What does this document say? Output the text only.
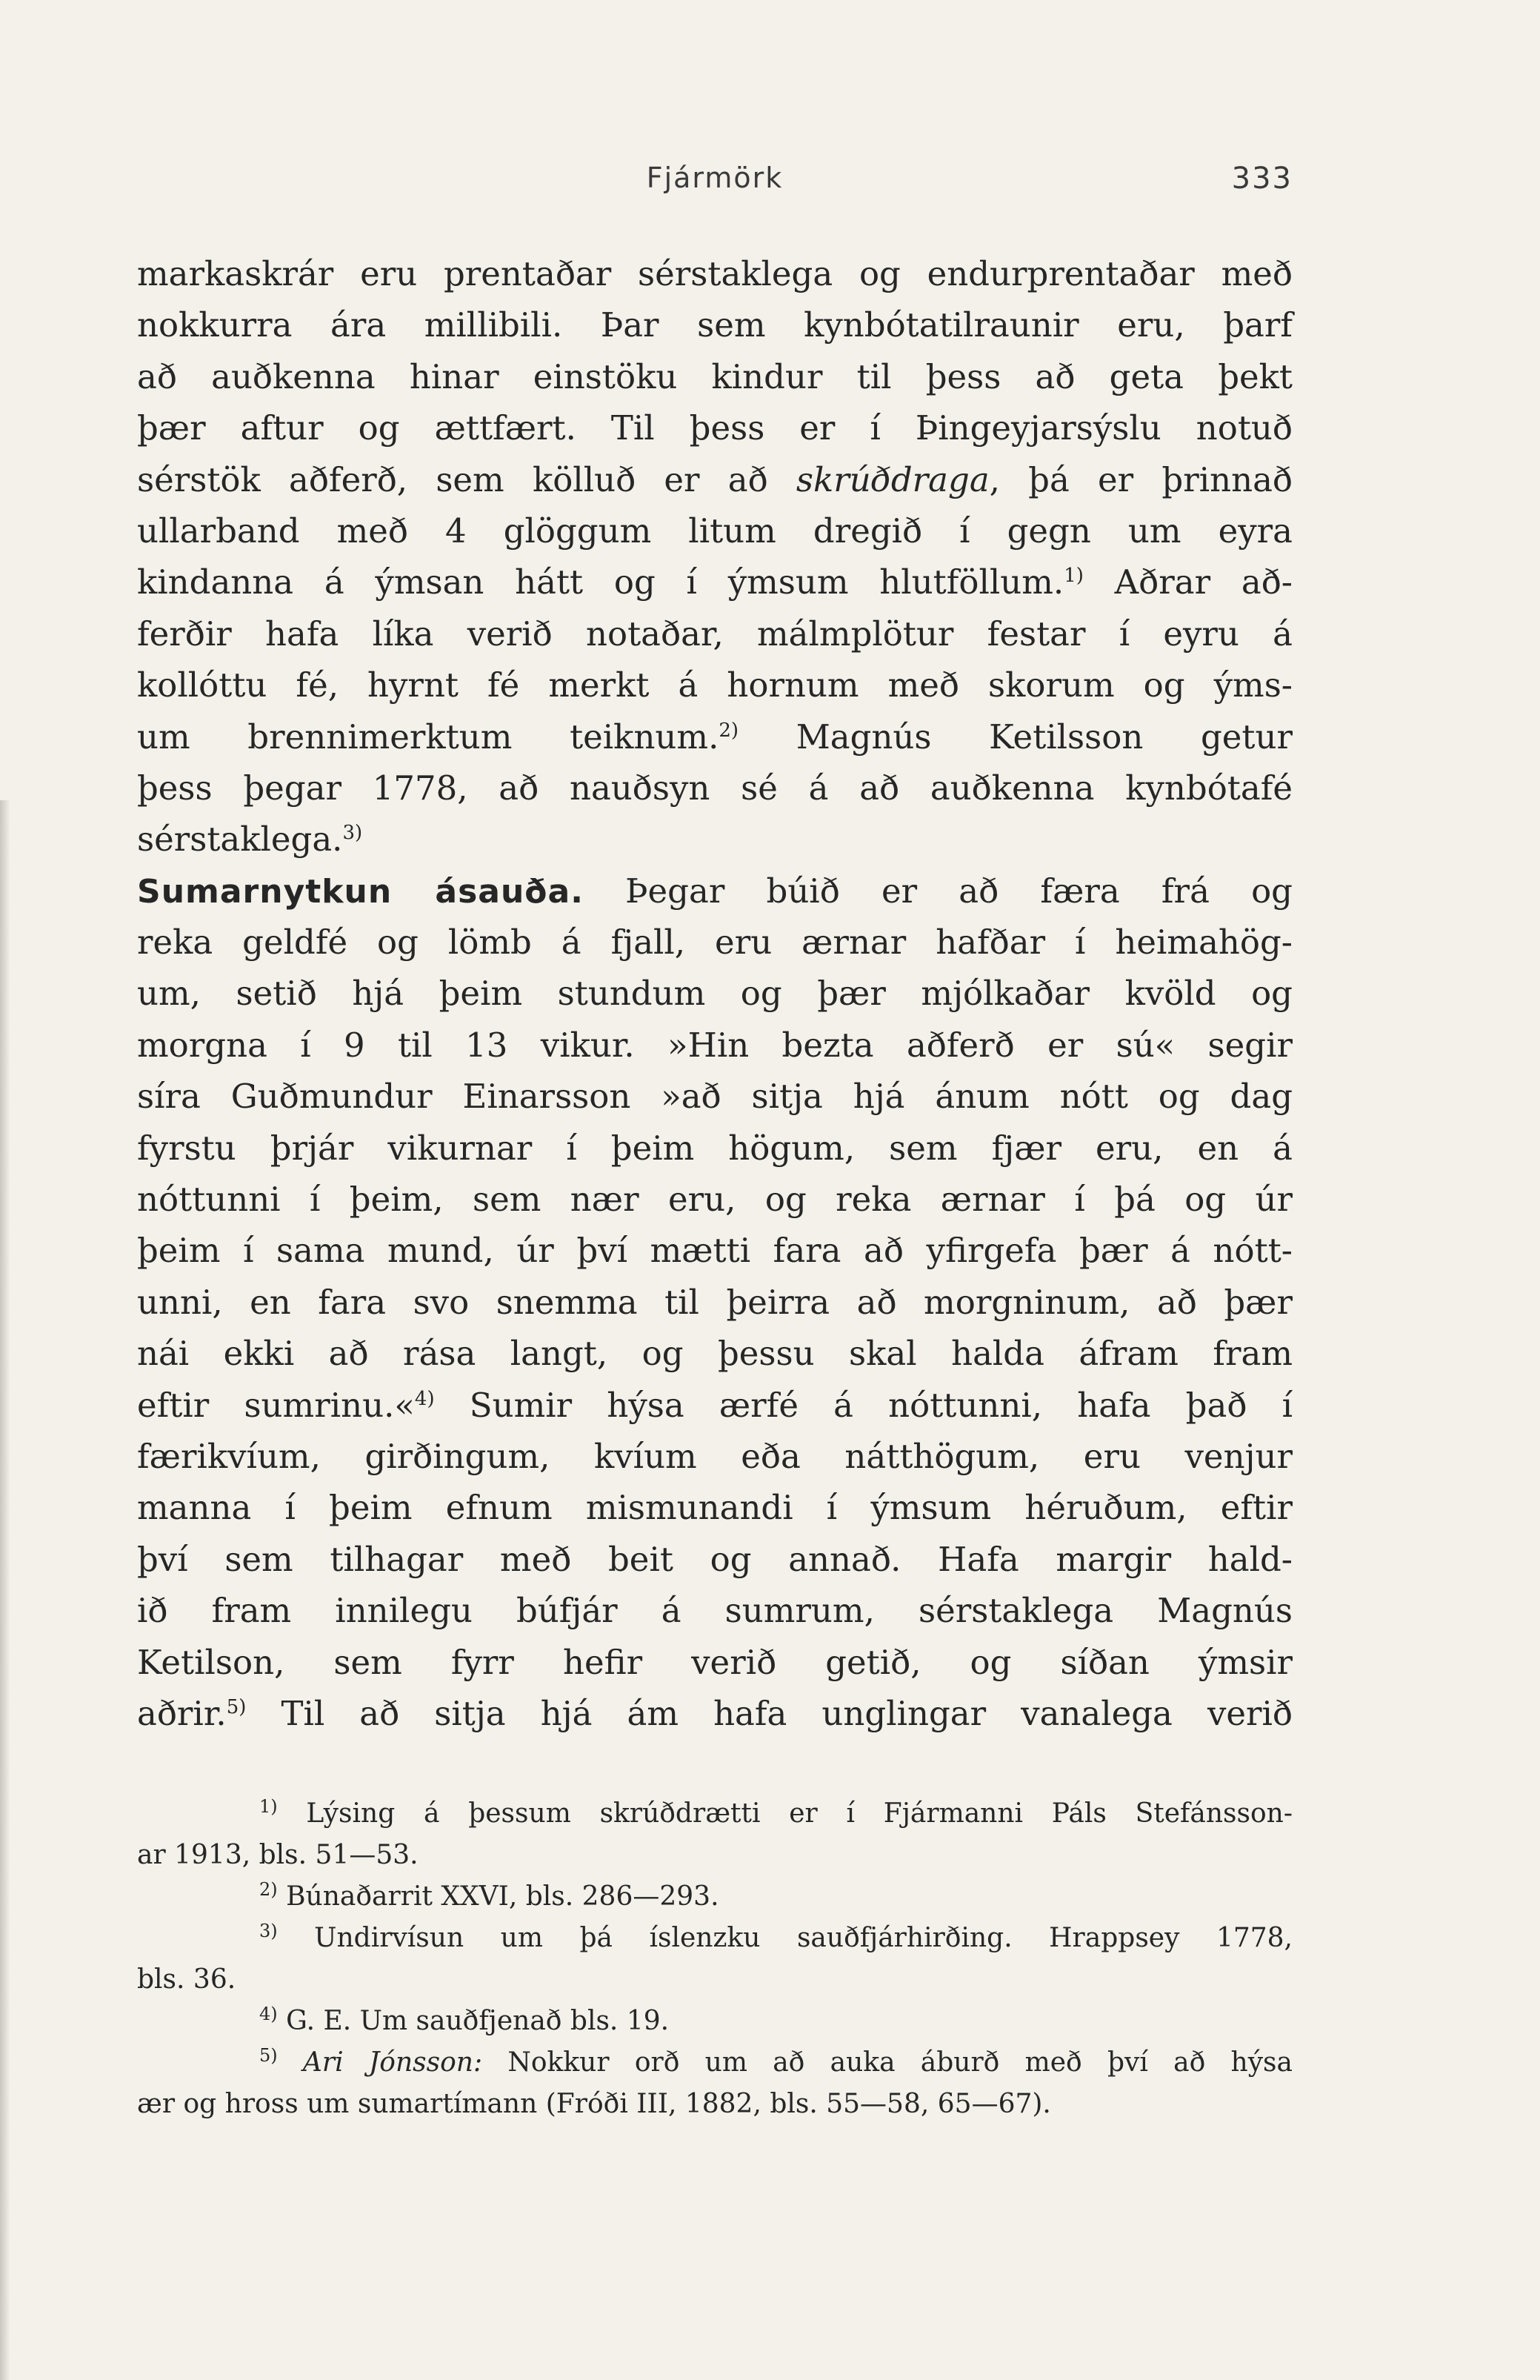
Fjármörk	333
markaskrár eru prentaðar sérstaklega og endurprentaðar með
nokkurra ára millibili. Þar sem kynbótatilraunir eru, þarf
að auðkenna hinar einstöku kindur til þess að geta þekt
þær aftur og ættfært. Til þess er í Þingeyjarsýslu notuð
sérstök aðferð, sem kölluð er að skrúðdraga, þá er þrinnað
ullarband með 4 glöggum litum dregið í gegn um eyra
kindanna á ýmsan hátt og í ýmsum hlutföllum.$^{1)}$ Aðrar að-
ferðir hafa líka verið notaðar, málmplötur festar í eyru á
kollóttu fé, hyrnt fé merkt á hornum með skorum og ýms-
um brennimerktum teiknum.$^{2)}$ Magnús Ketilsson getur
þess þegar 1778, að nauðsyn sé á að auðkenna kynbótafé
sérstaklega.$^{3)}$
Sumarnytkun ásauða. Þegar búið er að færa frá og
reka geldfé og lömb á fjall, eru ærnar hafðar í heimahög-
um, setið hjá þeim stundum og þær mjólkaðar kvöld og
morgna í 9 til 13 vikur. »Hin bezta aðferð er sú« segir
síra Guðmundur Einarsson »að sitja hjá ánum nótt og dag
fyrstu þrjár vikurnar í þeim högum, sem fjær eru, en á
nóttunni í þeim, sem nær eru, og reka ærnar í þá og úr
þeim í sama mund, úr því mætti fara að yfirgefa þær á nótt-
unni, en fara svo snemma til þeirra að morgninum, að þær
nái ekki að rása langt, og þessu skal halda áfram fram
eftir sumrinu.«$^{4)}$ Sumir hýsa ærfé á nóttunni, hafa það í
færikvíum, girðingum, kvíum eða nátthögum, eru venjur
manna í þeim efnum mismunandi í ýmsum héruðum, eftir
því sem tilhagar með beit og annað. Hafa margir hald-
ið fram innilegu búfjár á sumrum, sérstaklega Magnús
Ketilson, sem fyrr hefir verið getið, og síðan ýmsir
aðrir.$^{5)}$ Til að sitja hjá ám hafa unglingar vanalega verið
$^{1)}$ Lýsing á þessum skrúðdrætti er í Fjármanni Páls Stefánsson-
ar 1913, bls. 51—53.
$^{2)}$ Búnaðarrit XXVI, bls. 286—293.
$^{3)}$ Undirvísun um þá íslenzku sauðfjárhirðing. Hrappsey 1778,
bls. 36.
$^{4)}$ G. E. Um sauðfjenað bls. 19.
$^{5)}$ Ari Jónsson: Nokkur orð um að auka áburð með því að hýsa
ær og hross um sumartímann (Fróði III, 1882, bls. 55—58, 65—67).
